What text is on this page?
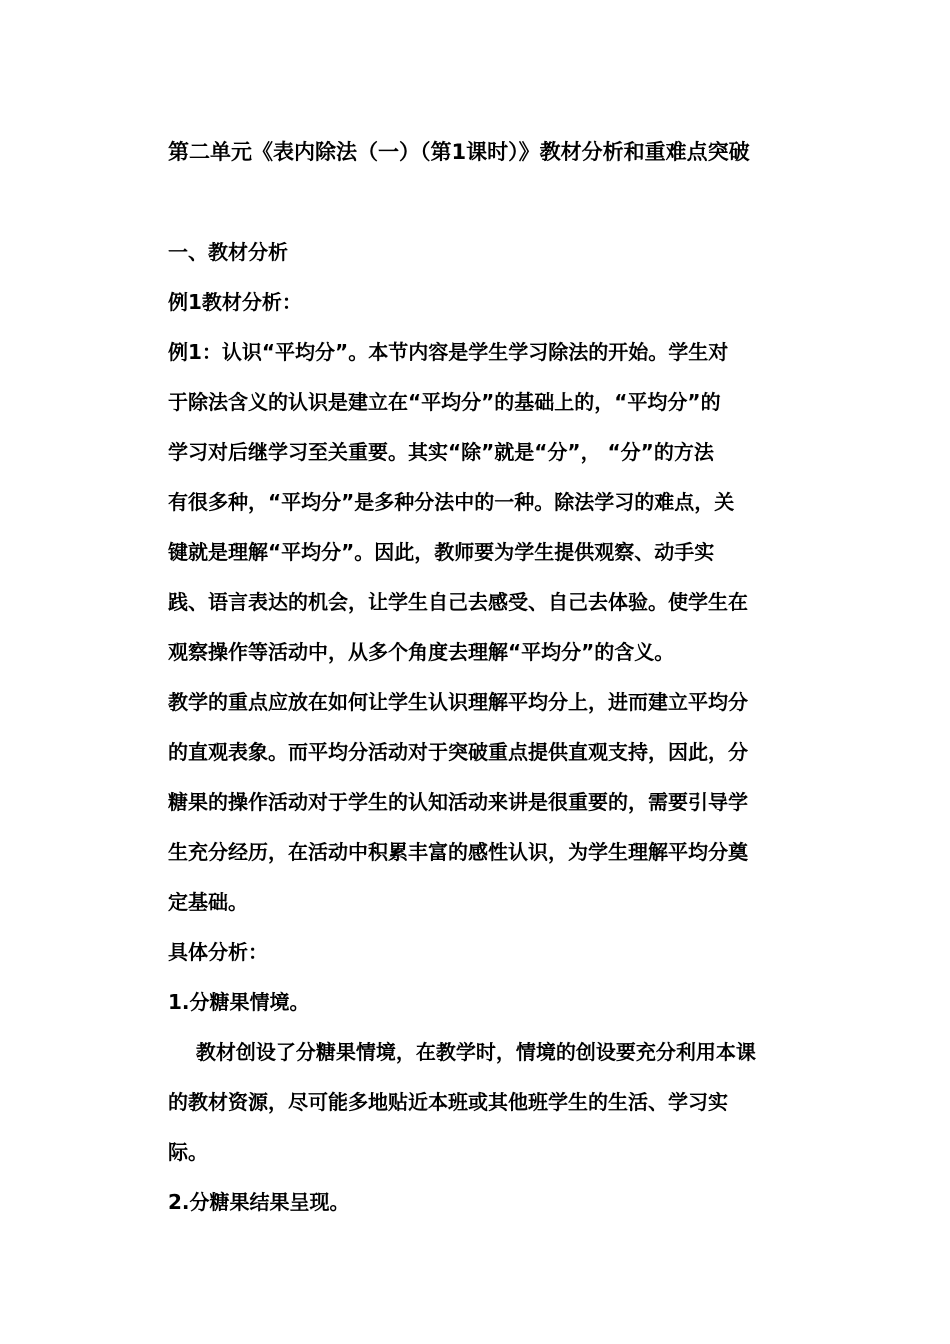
第二单元《表内除法（一）（第1课时）》教材分析和重难点突破
一、教材分析
例1教材分析：
例1：认识“平均分”。本节内容是学生学习除法的开始。学生对
于除法含义的认识是建立在“平均分”的基础上的，“平均分”的
学习对后继学习至关重要。其实“除”就是“分”， “分”的方法
有很多种，“平均分”是多种分法中的一种。除法学习的难点，关
键就是理解“平均分”。因此，教师要为学生提供观察、动手实
践、语言表达的机会，让学生自己去感受、自己去体验。使学生在
观察操作等活动中，从多个角度去理解“平均分”的含义。
教学的重点应放在如何让学生认识理解平均分上，进而建立平均分
的直观表象。而平均分活动对于突破重点提供直观支持，因此，分
糖果的操作活动对于学生的认知活动来讲是很重要的，需要引导学
生充分经历，在活动中积累丰富的感性认识，为学生理解平均分奠
定基础。
具体分析：
1.分糖果情境。
教材创设了分糖果情境，在教学时，情境的创设要充分利用本课
的教材资源，尽可能多地贴近本班或其他班学生的生活、学习实
际。
2.分糖果结果呈现。
